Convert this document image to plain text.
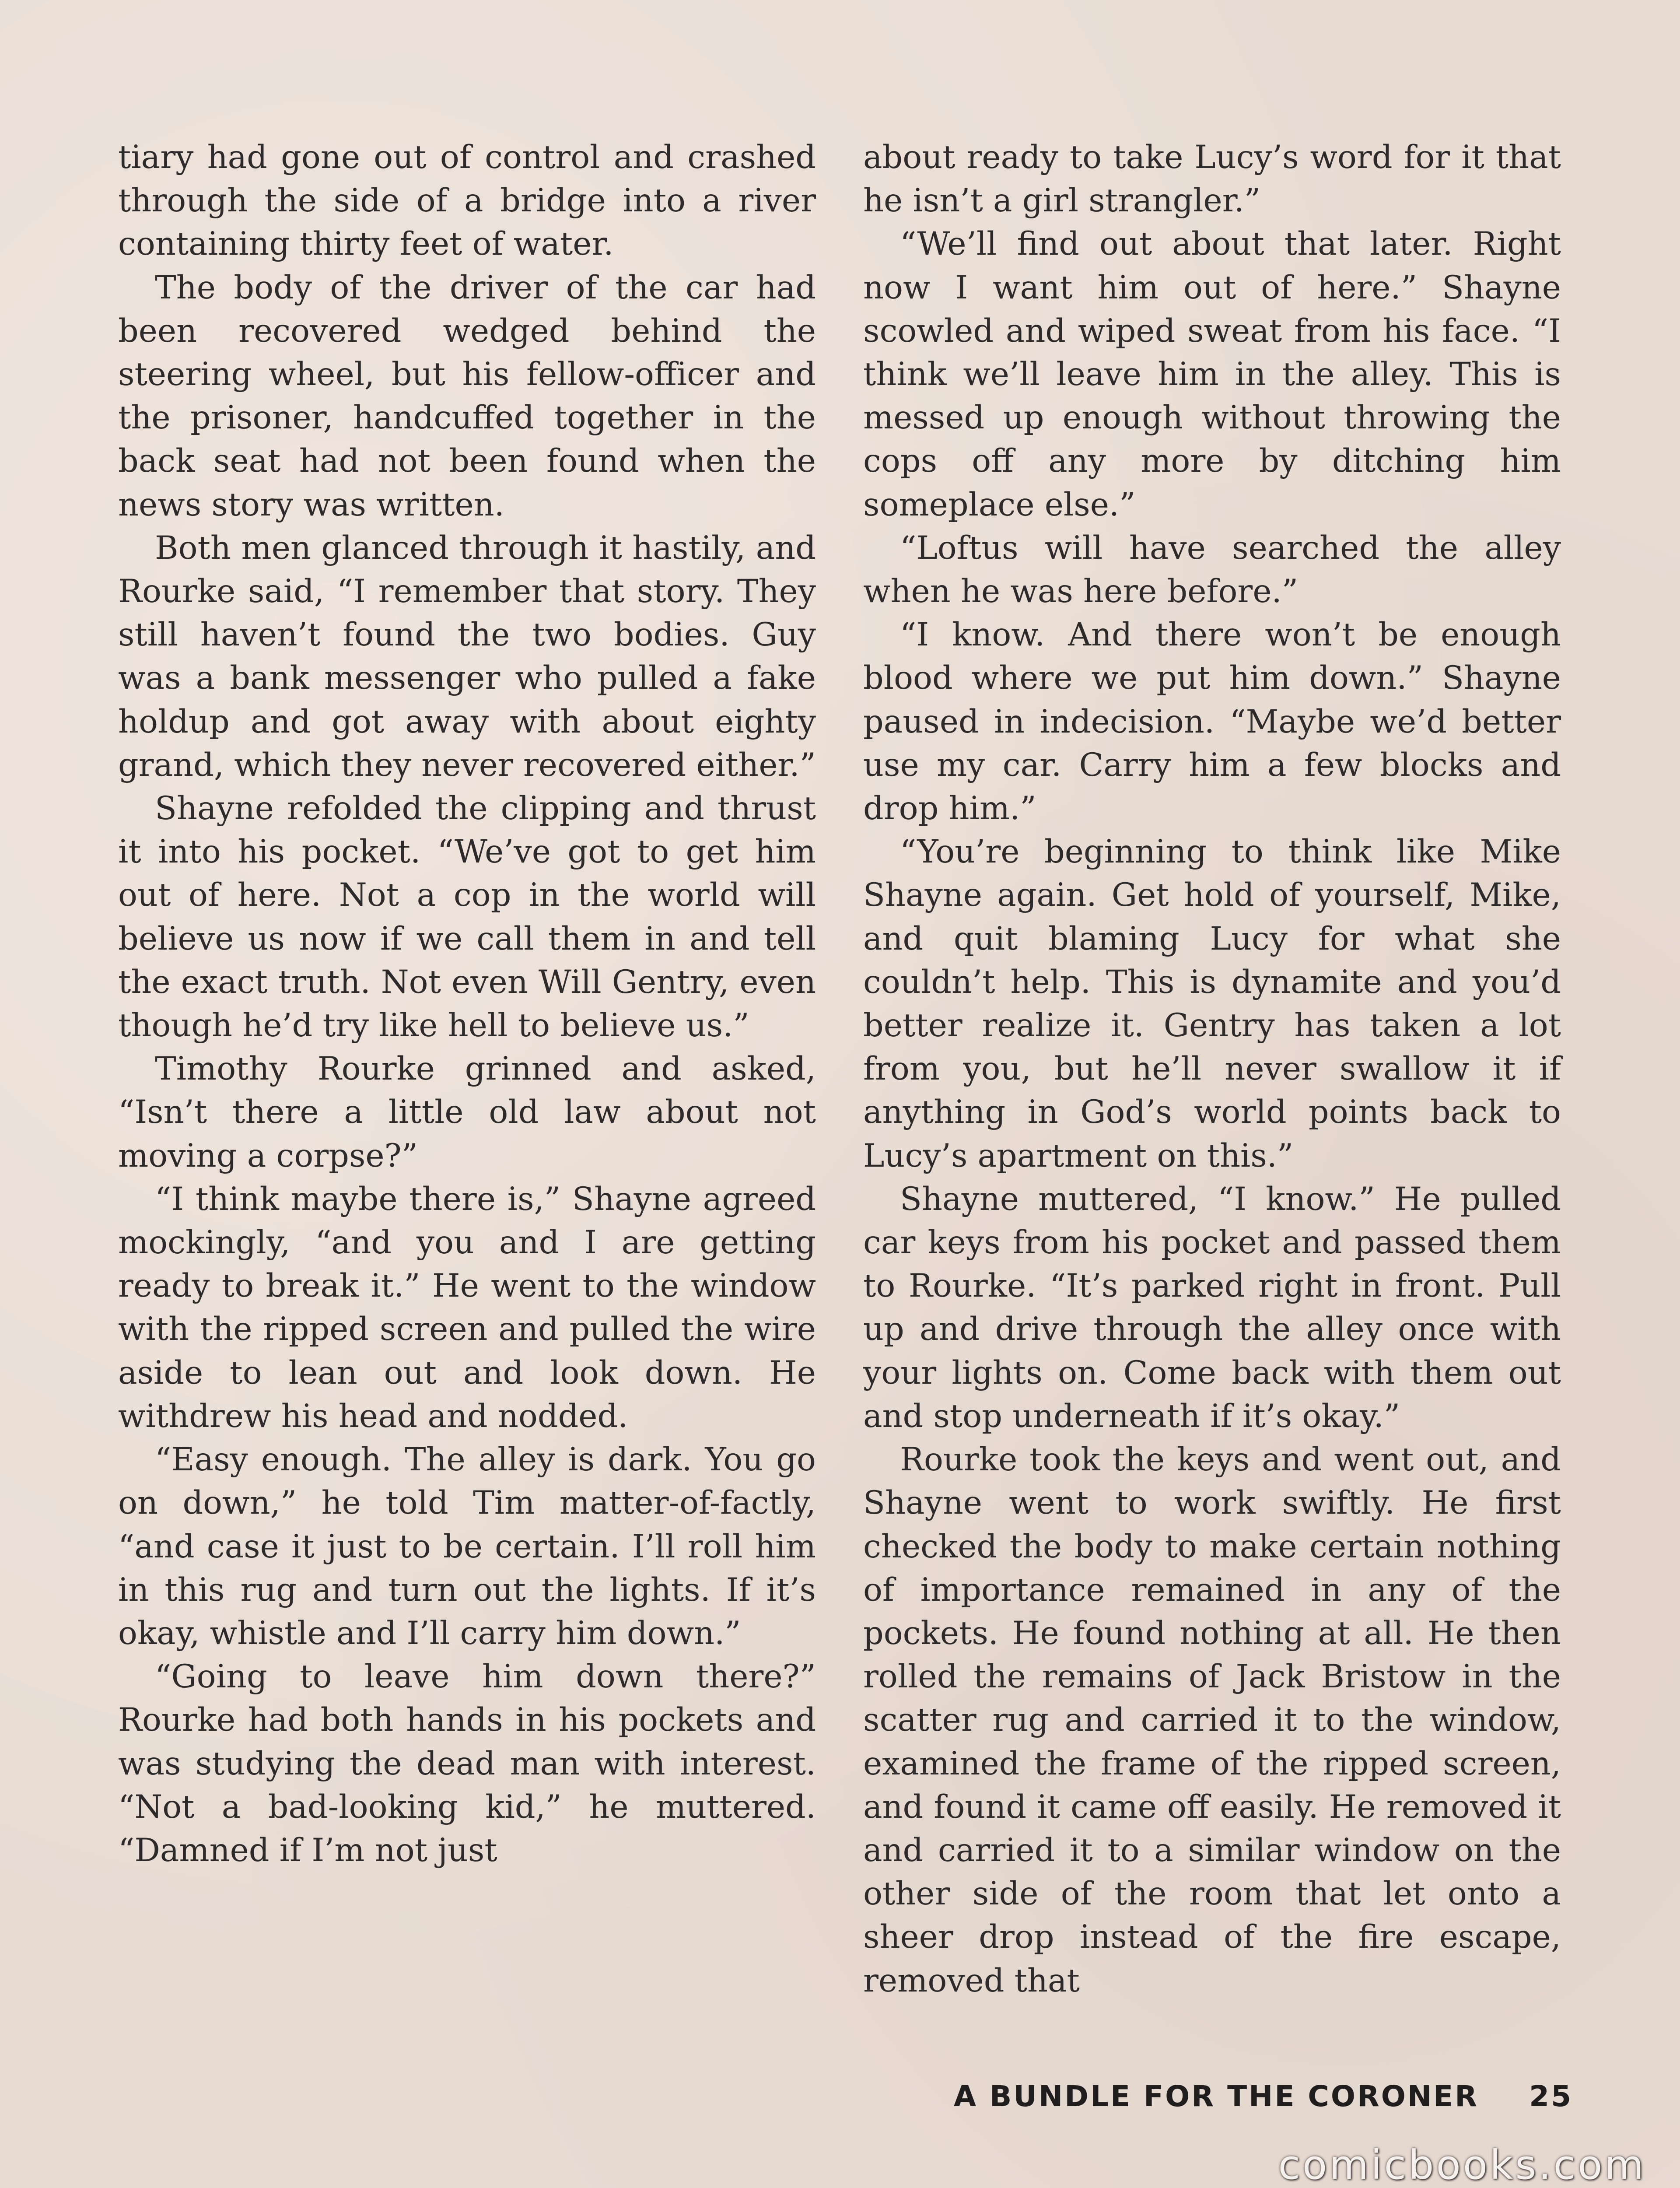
tiary had gone out of control and crashed through the side of a bridge into a river containing thirty feet of water.

The body of the driver of the car had been recovered wedged behind the steering wheel, but his fellow-officer and the prisoner, handcuffed together in the back seat had not been found when the news story was written.

Both men glanced through it hastily, and Rourke said, “I remember that story. They still haven’t found the two bodies. Guy was a bank messenger who pulled a fake holdup and got away with about eighty grand, which they never recovered either.”

Shayne refolded the clipping and thrust it into his pocket. “We’ve got to get him out of here. Not a cop in the world will believe us now if we call them in and tell the exact truth. Not even Will Gentry, even though he’d try like hell to believe us.”

Timothy Rourke grinned and asked, “Isn’t there a little old law about not moving a corpse?”

“I think maybe there is,” Shayne agreed mockingly, “and you and I are getting ready to break it.” He went to the window with the ripped screen and pulled the wire aside to lean out and look down. He withdrew his head and nodded.

“Easy enough. The alley is dark. You go on down,” he told Tim matter-of-factly, “and case it just to be certain. I’ll roll him in this rug and turn out the lights. If it’s okay, whistle and I’ll carry him down.”

“Going to leave him down there?” Rourke had both hands in his pockets and was studying the dead man with interest. “Not a bad-looking kid,” he muttered. “Damned if I’m not just

about ready to take Lucy’s word for it that he isn’t a girl strangler.”

“We’ll find out about that later. Right now I want him out of here.” Shayne scowled and wiped sweat from his face. “I think we’ll leave him in the alley. This is messed up enough without throwing the cops off any more by ditching him someplace else.”

“Loftus will have searched the alley when he was here before.”

“I know. And there won’t be enough blood where we put him down.” Shayne paused in indecision. “Maybe we’d better use my car. Carry him a few blocks and drop him.”

“You’re beginning to think like Mike Shayne again. Get hold of yourself, Mike, and quit blaming Lucy for what she couldn’t help. This is dynamite and you’d better realize it. Gentry has taken a lot from you, but he’ll never swallow it if anything in God’s world points back to Lucy’s apartment on this.”

Shayne muttered, “I know.” He pulled car keys from his pocket and passed them to Rourke. “It’s parked right in front. Pull up and drive through the alley once with your lights on. Come back with them out and stop underneath if it’s okay.”

Rourke took the keys and went out, and Shayne went to work swiftly. He first checked the body to make certain nothing of importance remained in any of the pockets. He found nothing at all. He then rolled the remains of Jack Bristow in the scatter rug and carried it to the window, examined the frame of the ripped screen, and found it came off easily. He removed it and carried it to a similar window on the other side of the room that let onto a sheer drop instead of the fire escape, removed that

A BUNDLE FOR THE CORONER 25
comicbooks.com
